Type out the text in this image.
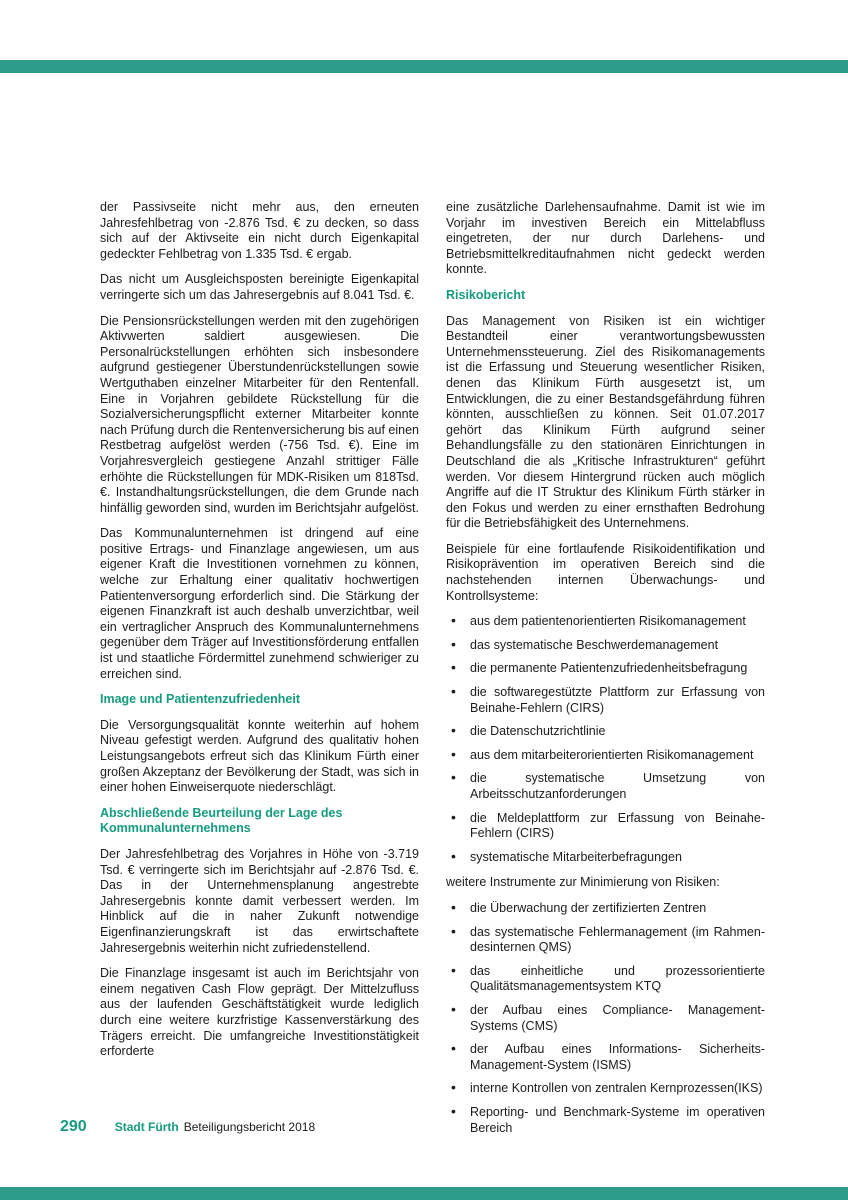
der Passivseite nicht mehr aus, den erneuten Jahresfehlbetrag von -2.876 Tsd. € zu decken, so dass sich auf der Aktivseite ein nicht durch Eigenkapital gedeckter Fehlbetrag von 1.335 Tsd. € ergab.

Das nicht um Ausgleichsposten bereinigte Eigenkapital verringerte sich um das Jahresergebnis auf 8.041 Tsd. €.

Die Pensionsrückstellungen werden mit den zugehörigen Aktivwerten saldiert ausgewiesen. Die Personalrückstellungen erhöhten sich insbesondere aufgrund gestiegener Überstundenrückstellungen sowie Wertguthaben einzelner Mitarbeiter für den Rentenfall. Eine in Vorjahren gebildete Rückstellung für die Sozialversicherungspflicht externer Mitarbeiter konnte nach Prüfung durch die Rentenversicherung bis auf einen Restbetrag aufgelöst werden (-756 Tsd. €). Eine im Vorjahresvergleich gestiegene Anzahl strittiger Fälle erhöhte die Rückstellungen für MDK-Risiken um 818Tsd. €. Instandhaltungsrückstellungen, die dem Grunde nach hinfällig geworden sind, wurden im Berichtsjahr aufgelöst.

Das Kommunalunternehmen ist dringend auf eine positive Ertrags- und Finanzlage angewiesen, um aus eigener Kraft die Investitionen vornehmen zu können, welche zur Erhaltung einer qualitativ hochwertigen Patientenversorgung erforderlich sind. Die Stärkung der eigenen Finanzkraft ist auch deshalb unverzichtbar, weil ein vertraglicher Anspruch des Kommunalunternehmens gegenüber dem Träger auf Investitionsförderung entfallen ist und staatliche Fördermittel zunehmend schwieriger zu erreichen sind.

Image und Patientenzufriedenheit

Die Versorgungsqualität konnte weiterhin auf hohem Niveau gefestigt werden. Aufgrund des qualitativ hohen Leistungsangebots erfreut sich das Klinikum Fürth einer großen Akzeptanz der Bevölkerung der Stadt, was sich in einer hohen Einweiserquote niederschlägt.

Abschließende Beurteilung der Lage des Kommunalunternehmens

Der Jahresfehlbetrag des Vorjahres in Höhe von -3.719 Tsd. € verringerte sich im Berichtsjahr auf -2.876 Tsd. €. Das in der Unternehmensplanung angestrebte Jahresergebnis konnte damit verbessert werden. Im Hinblick auf die in naher Zukunft notwendige Eigenfinanzierungskraft ist das erwirtschaftete Jahresergebnis weiterhin nicht zufriedenstellend.

Die Finanzlage insgesamt ist auch im Berichtsjahr von einem negativen Cash Flow geprägt. Der Mittelzufluss aus der laufenden Geschäftstätigkeit wurde lediglich durch eine weitere kurzfristige Kassenverstärkung des Trägers erreicht. Die umfangreiche Investitionstätigkeit erforderte

eine zusätzliche Darlehensaufnahme. Damit ist wie im Vorjahr im investiven Bereich ein Mittelabfluss eingetreten, der nur durch Darlehens- und Betriebsmittelkreditaufnahmen nicht gedeckt werden konnte.

Risikobericht

Das Management von Risiken ist ein wichtiger Bestandteil einer verantwortungsbewussten Unternehmenssteuerung. Ziel des Risikomanagements ist die Erfassung und Steuerung wesentlicher Risiken, denen das Klinikum Fürth ausgesetzt ist, um Entwicklungen, die zu einer Bestandsgefährdung führen könnten, ausschließen zu können. Seit 01.07.2017 gehört das Klinikum Fürth aufgrund seiner Behandlungsfälle zu den stationären Einrichtungen in Deutschland die als „Kritische Infrastrukturen“ geführt werden. Vor diesem Hintergrund rücken auch möglich Angriffe auf die IT Struktur des Klinikum Fürth stärker in den Fokus und werden zu einer ernsthaften Bedrohung für die Betriebsfähigkeit des Unternehmens.

Beispiele für eine fortlaufende Risikoidentifikation und Risikoprävention im operativen Bereich sind die nachstehenden internen Überwachungs- und Kontrollsysteme:

• aus dem patientenorientierten Risikomanagement
• das systematische Beschwerdemanagement
• die permanente Patientenzufriedenheitsbefragung
• die softwaregestützte Plattform zur Erfassung von Beinahe-Fehlern (CIRS)
• die Datenschutzrichtlinie
• aus dem mitarbeiterorientierten Risikomanagement
• die systematische Umsetzung von Arbeitsschutzanforderungen
• die Meldeplattform zur Erfassung von Beinahe-Fehlern (CIRS)
• systematische Mitarbeiterbefragungen

weitere Instrumente zur Minimierung von Risiken:

• die Überwachung der zertifizierten Zentren
• das systematische Fehlermanagement (im Rahmen- desinternen QMS)
• das einheitliche und prozessorientierte Qualitätsmanagementsystem KTQ
• der Aufbau eines Compliance- Management-Systems (CMS)
• der Aufbau eines Informations- Sicherheits-Management-System (ISMS)
• interne Kontrollen von zentralen Kernprozessen(IKS)
• Reporting- und Benchmark-Systeme im operativen Bereich
290 Stadt Fürth Beteiligungsbericht 2018
